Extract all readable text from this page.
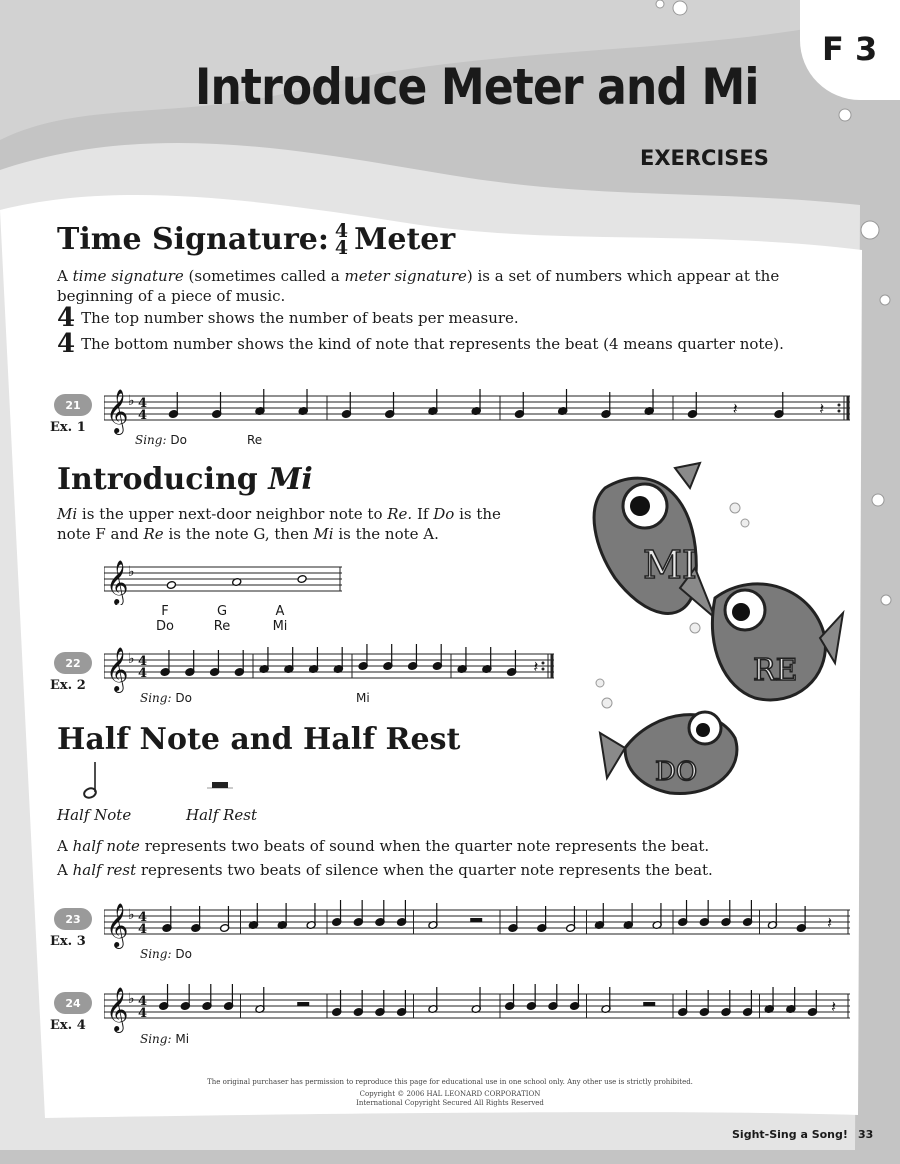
F 3
Introduce Meter and Mi
EXERCISES
Time Signature: 4
4 Meter
A time signature (sometimes called a meter signature) is a set of numbers which appear at the beginning of a piece of music.
4 The top number shows the number of beats per measure.
4 The bottom number shows the kind of note that represents the beat (4 means quarter note).
21
Ex. 1 𝄞 ♭ 4
4	𝄽	𝄽
Sing: Do	Re
Introducing Mi
Mi is the upper next-door neighbor note to Re. If Do is the
note F and Re is the note G, then Mi is the note A.
𝄞 ♭
F	G	A
Do	Re	Mi
22
Ex. 2 𝄞 ♭ 4
4	𝄽
Sing: Do	Mi
MI
RE
DO
Half Note and Half Rest
Half Note	Half Rest
A half note represents two beats of sound when the quarter note represents the beat.
A half rest represents two beats of silence when the quarter note represents the beat.
23
Ex. 3 𝄞 ♭ 4
4	𝄽
Sing: Do
24
Ex. 4 𝄞 ♭ 4
4	𝄽
Sing: Mi
The original purchaser has permission to reproduce this page for educational use in one school only. Any other use is strictly prohibited.
Copyright © 2006 HAL LEONARD CORPORATION
International Copyright Secured All Rights Reserved
Sight-Sing a Song! 33
